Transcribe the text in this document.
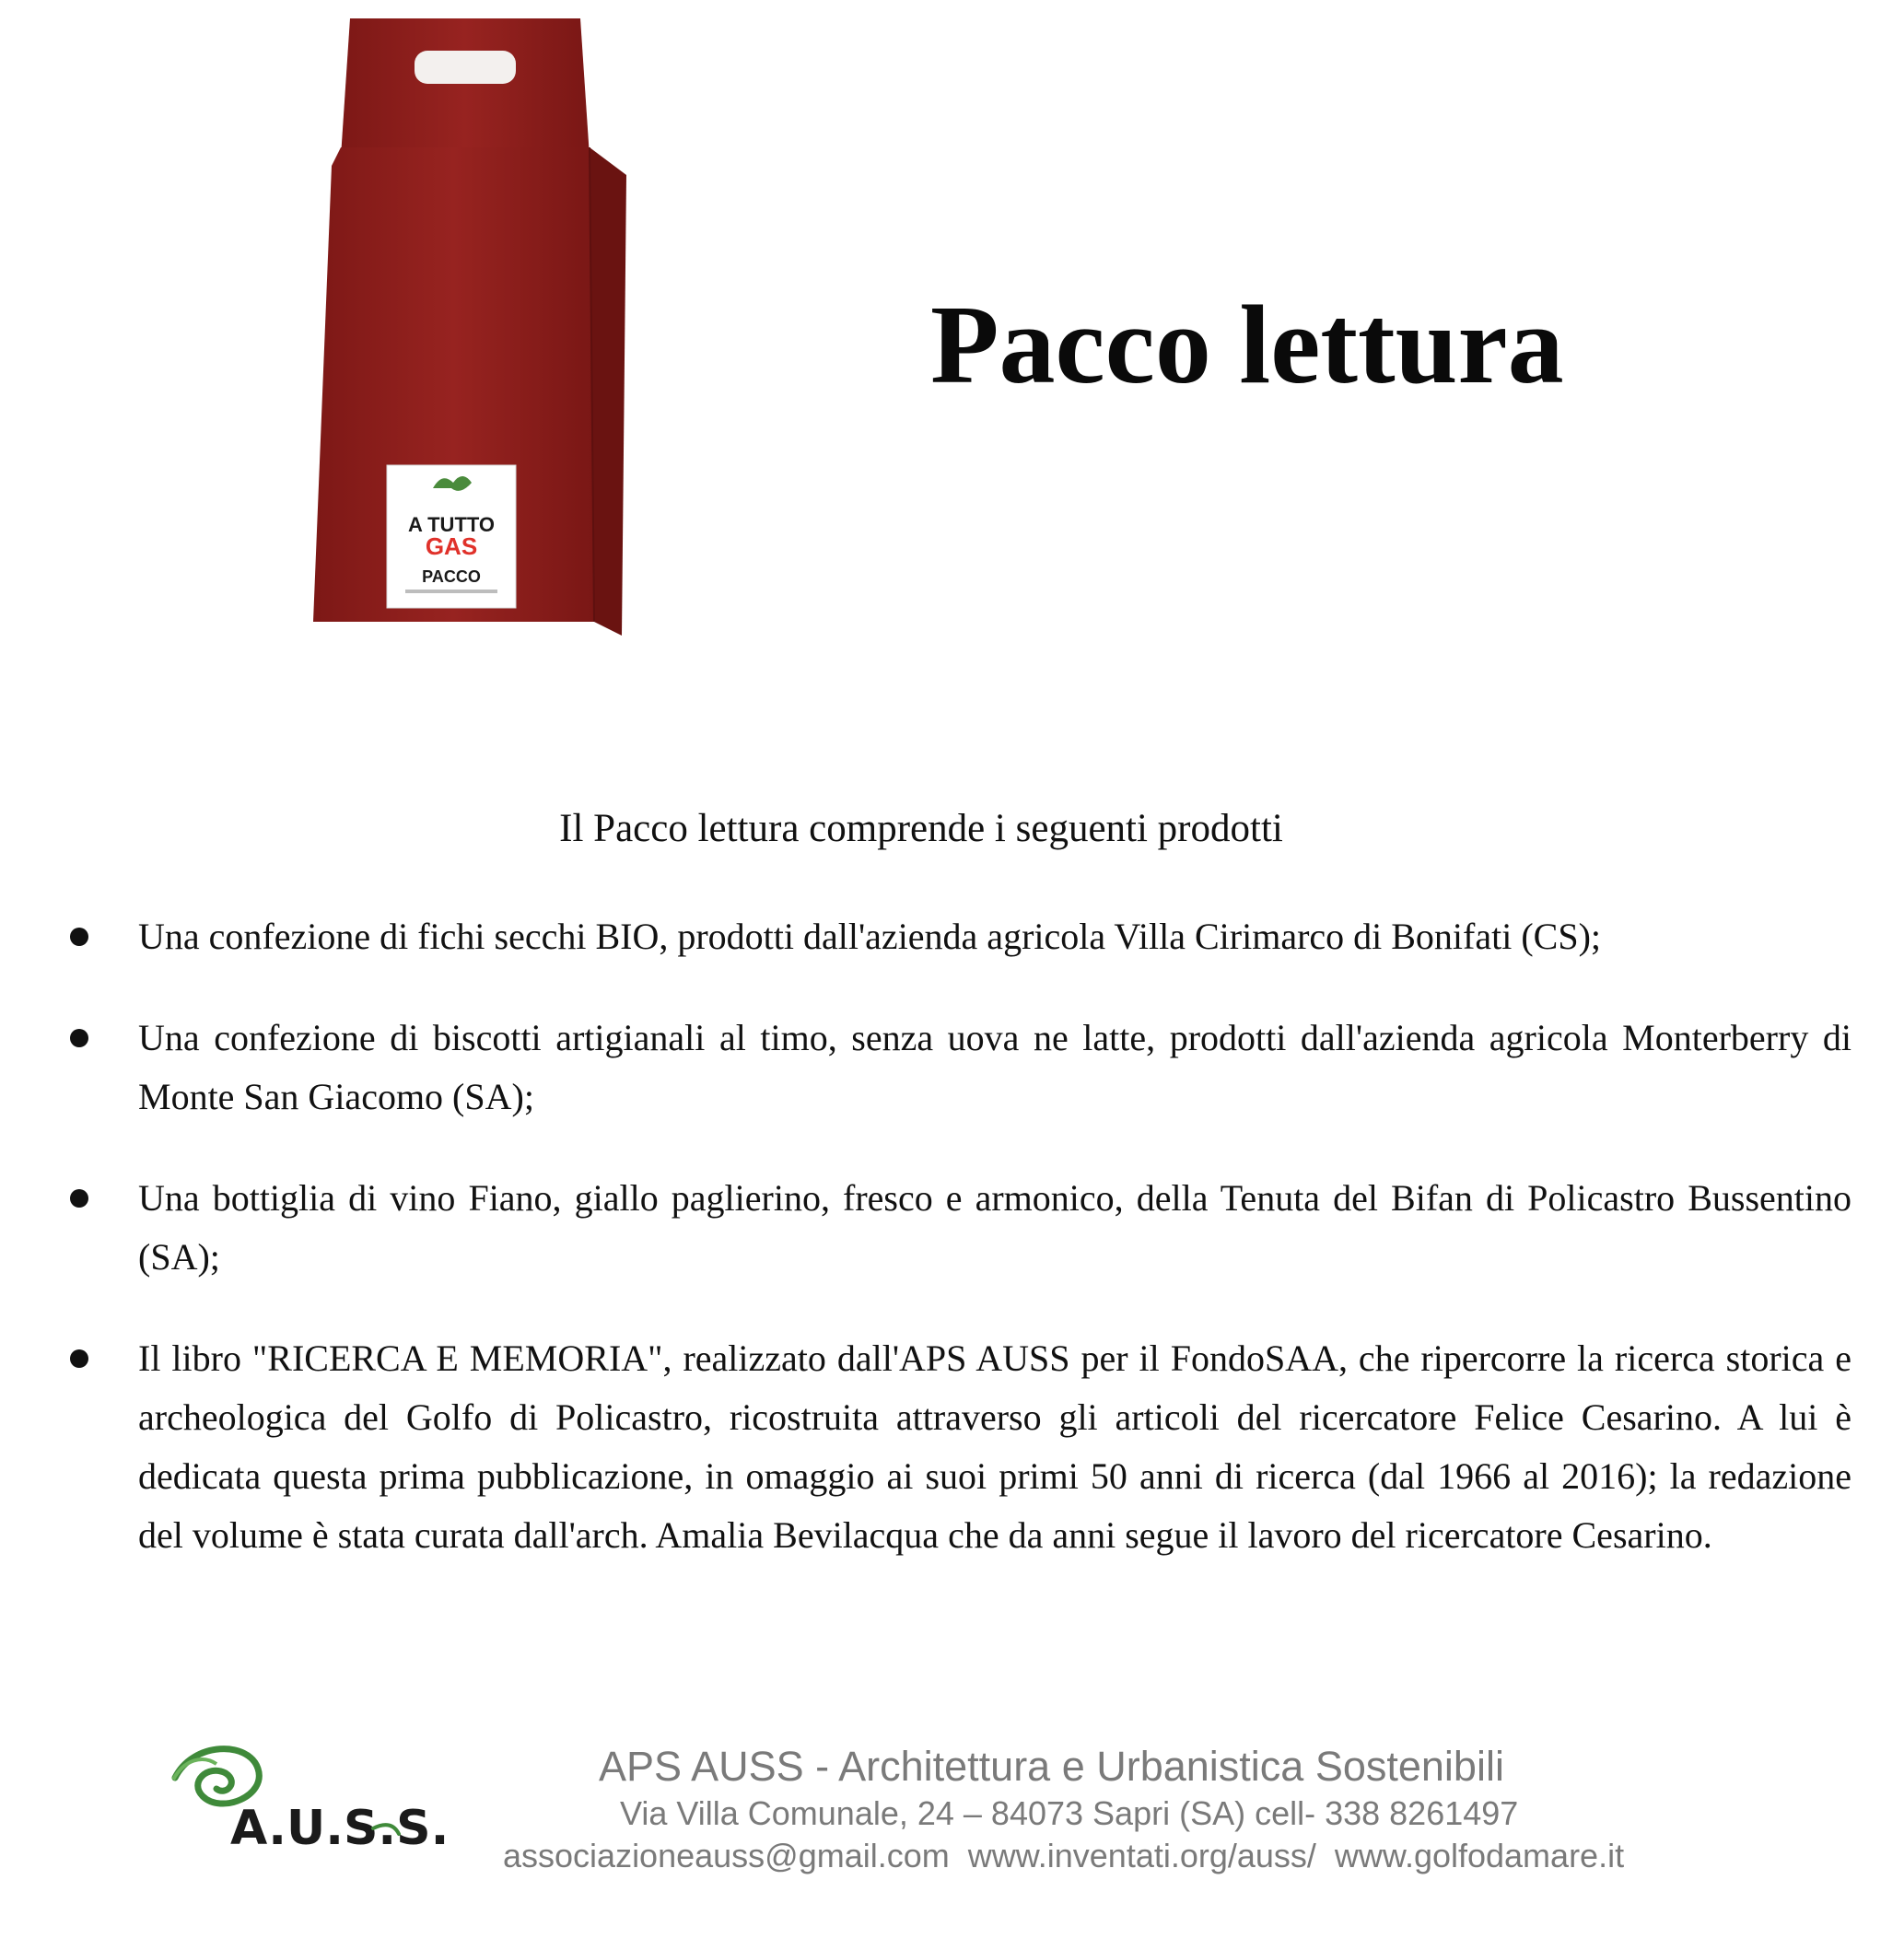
A TUTTO
GAS
PACCO
Pacco lettura
Il Pacco lettura comprende i seguenti prodotti
Una confezione di fichi secchi BIO, prodotti dall'azienda agricola Villa Cirimarco di Bonifati (CS);
Una confezione di biscotti artigianali al timo, senza uova ne latte, prodotti dall'azienda agricola Monterberry di Monte San Giacomo (SA);
Una bottiglia di vino Fiano, giallo paglierino, fresco e armonico, della Tenuta del Bifan di Policastro Bussentino (SA);
Il libro "RICERCA E MEMORIA", realizzato dall'APS AUSS per il FondoSAA, che ripercorre la ricerca storica e archeologica del Golfo di Policastro, ricostruita attraverso gli articoli del ricercatore Felice Cesarino. A lui è dedicata questa prima pubblicazione, in omaggio ai suoi primi 50 anni di ricerca (dal 1966 al 2016); la redazione del volume è stata curata dall'arch. Amalia Bevilacqua che da anni segue il lavoro del ricercatore Cesarino.
A.U.S.S.
APS AUSS - Architettura e Urbanistica Sostenibili
Via Villa Comunale, 24 – 84073 Sapri (SA) cell- 338 8261497
associazioneauss@gmail.com  www.inventati.org/auss/  www.golfodamare.it
